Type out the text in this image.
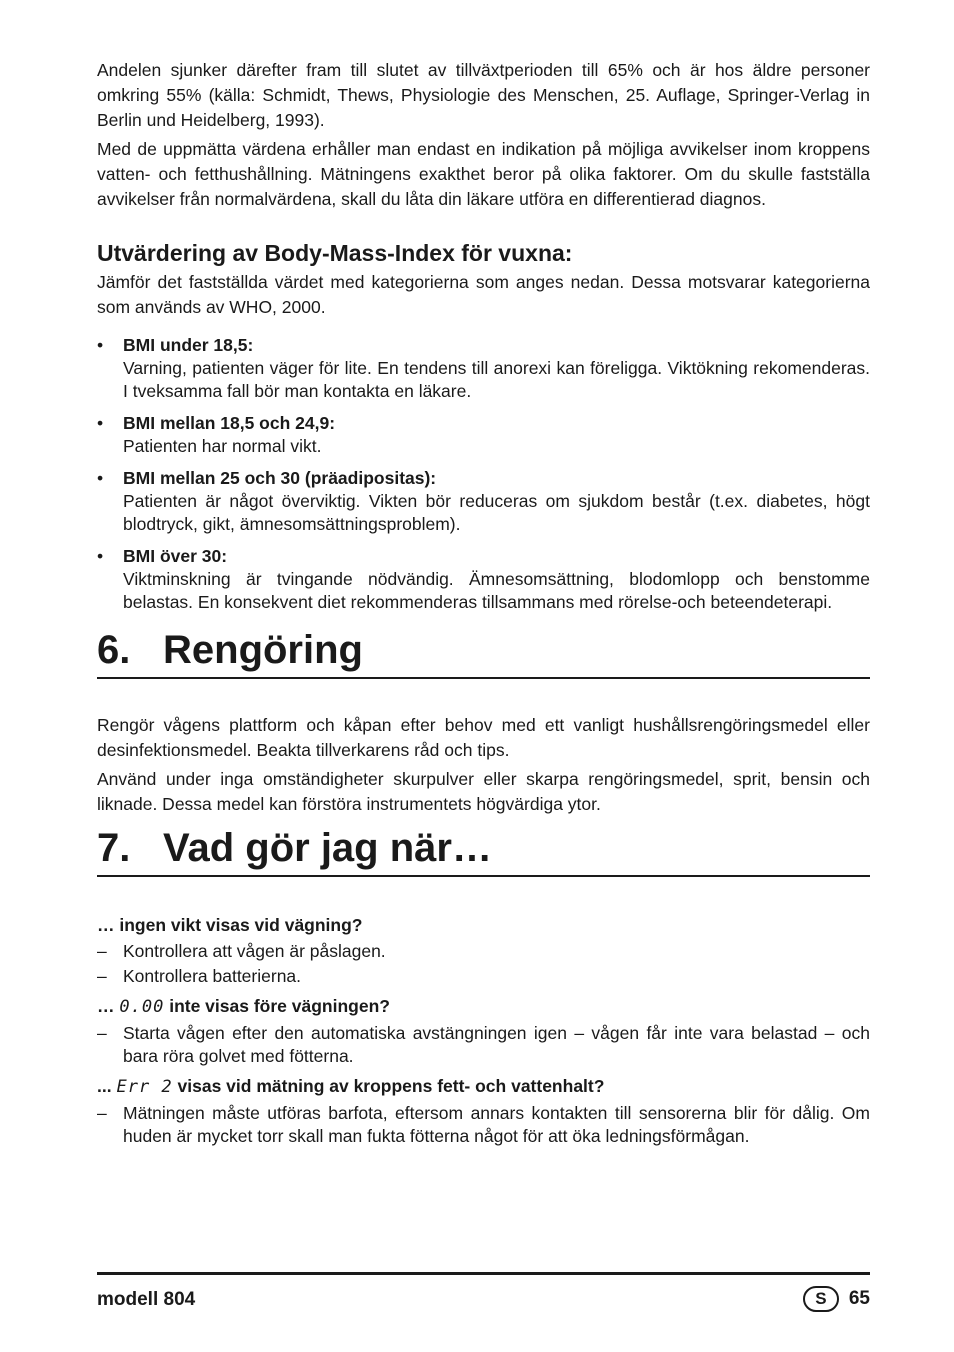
Andelen sjunker därefter fram till slutet av tillväxtperioden till 65% och är hos äldre personer omkring 55% (källa: Schmidt, Thews, Physiologie des Menschen, 25. Auflage, Springer-Verlag in Berlin und Heidelberg, 1993).

Med de uppmätta värdena erhåller man endast en indikation på möjliga avvikelser inom kroppens vatten- och fetthushållning. Mätningens exakthet beror på olika faktorer. Om du skulle fastställa avvikelser från normalvärdena, skall du låta din läkare utföra en differentierad diagnos.

Utvärdering av Body-Mass-Index för vuxna:

Jämför det fastställda värdet med kategorierna som anges nedan. Dessa motsvarar kategorierna som används av WHO, 2000.

• BMI under 18,5:
Varning, patienten väger för lite. En tendens till anorexi kan föreligga. Viktökning rekomenderas. I tveksamma fall bör man kontakta en läkare.
• BMI mellan 18,5 och 24,9:
Patienten har normal vikt.
• BMI mellan 25 och 30 (präadipositas):
Patienten är något överviktig. Vikten bör reduceras om sjukdom består (t.ex. diabetes, högt blodtryck, gikt, ämnesomsättningsproblem).
• BMI över 30:
Viktminskning är tvingande nödvändig. Ämnesomsättning, blodomlopp och benstomme belastas. En konsekvent diet rekommenderas tillsammans med rörelse-och beteendeterapi.
6. Rengöring

Rengör vågens plattform och kåpan efter behov med ett vanligt hushållsrengöringsmedel eller desinfektionsmedel. Beakta tillverkarens råd och tips.

Använd under inga omständigheter skurpulver eller skarpa rengöringsmedel, sprit, bensin och liknade. Dessa medel kan förstöra instrumentets högvärdiga ytor.

7. Vad gör jag när…

… ingen vikt visas vid vägning?

– Kontrollera att vågen är påslagen.
– Kontrollera batterierna.

… 0.00 inte visas före vägningen?

– Starta vågen efter den automatiska avstängningen igen – vågen får inte vara belastad – och bara röra golvet med fötterna.

... Err 2 visas vid mätning av kroppens fett- och vattenhalt?

– Mätningen måste utföras barfota, eftersom annars kontakten till sensorerna blir för dålig. Om huden är mycket torr skall man fukta fötterna något för att öka ledningsförmågan.
modell 804	S	65
